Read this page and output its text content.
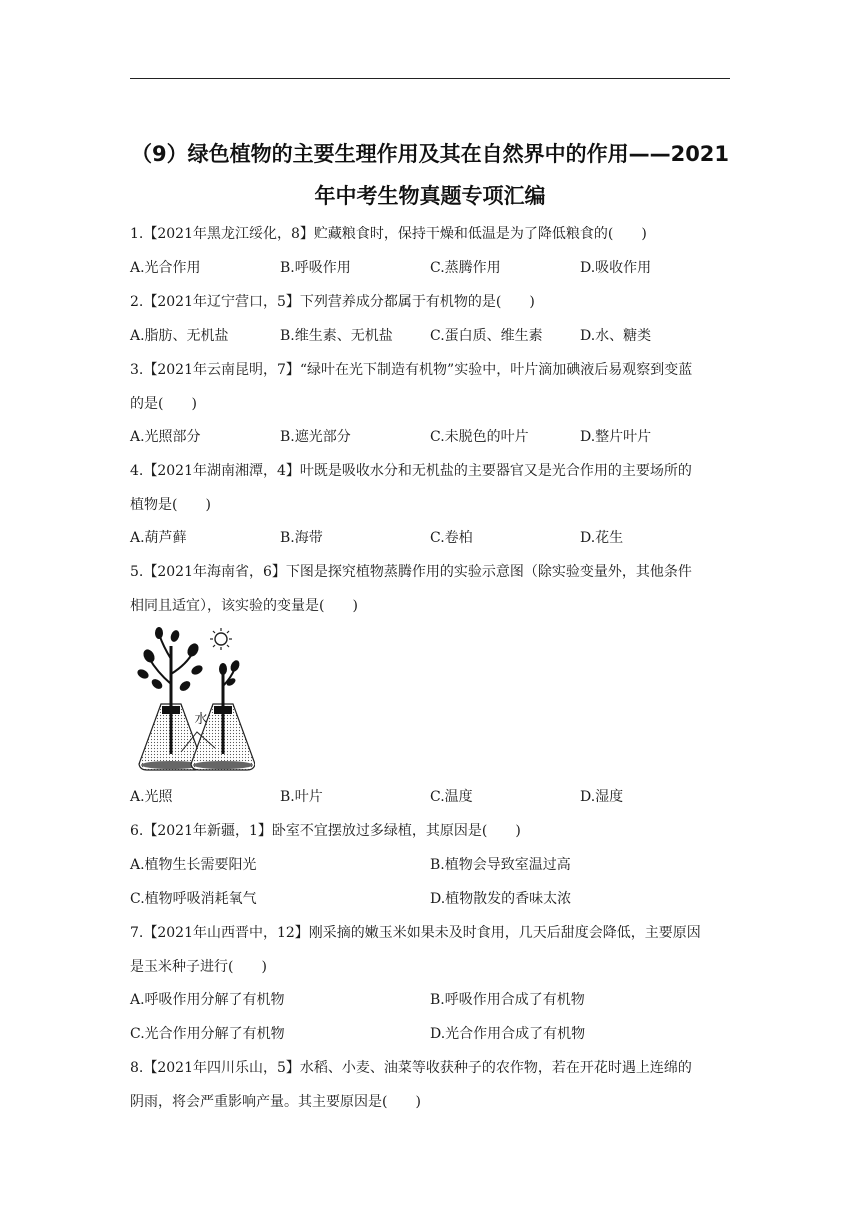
（9）绿色植物的主要生理作用及其在自然界中的作用——2021
年中考生物真题专项汇编
1.【2021年黑龙江绥化，8】贮藏粮食时，保持干燥和低温是为了降低粮食的(　　)
A.光合作用	B.呼吸作用	C.蒸腾作用	D.吸收作用
2.【2021年辽宁营口，5】下列营养成分都属于有机物的是(　　)
A.脂肪、无机盐	B.维生素、无机盐	C.蛋白质、维生素	D.水、糖类
3.【2021年云南昆明，7】“绿叶在光下制造有机物”实验中，叶片滴加碘液后易观察到变蓝
的是(　　)
A.光照部分	B.遮光部分	C.未脱色的叶片	D.整片叶片
4.【2021年湖南湘潭，4】叶既是吸收水分和无机盐的主要器官又是光合作用的主要场所的
植物是(　　)
A.葫芦藓	B.海带	C.卷柏	D.花生
5.【2021年海南省，6】下图是探究植物蒸腾作用的实验示意图（除实验变量外，其他条件
相同且适宜），该实验的变量是(　　)
水
A.光照	B.叶片	C.温度	D.湿度
6.【2021年新疆，1】卧室不宜摆放过多绿植，其原因是(　　)
A.植物生长需要阳光	B.植物会导致室温过高
C.植物呼吸消耗氧气	D.植物散发的香味太浓
7.【2021年山西晋中，12】刚采摘的嫩玉米如果未及时食用，几天后甜度会降低，主要原因
是玉米种子进行(　　)
A.呼吸作用分解了有机物	B.呼吸作用合成了有机物
C.光合作用分解了有机物	D.光合作用合成了有机物
8.【2021年四川乐山，5】水稻、小麦、油菜等收获种子的农作物，若在开花时遇上连绵的
阴雨，将会严重影响产量。其主要原因是(　　)
